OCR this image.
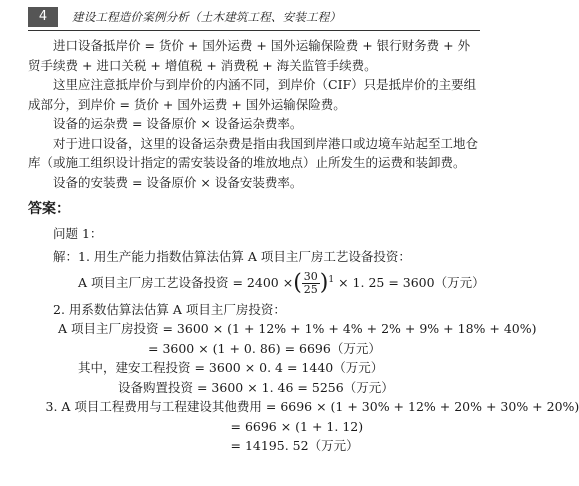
4	建设工程造价案例分析（土木建筑工程、安装工程）

进口设备抵岸价 = 货价 + 国外运费 + 国外运输保险费 + 银行财务费 + 外贸手续费 + 进口关税 + 增值税 + 消费税 + 海关监管手续费。

这里应注意抵岸价与到岸价的内涵不同，到岸价（CIF）只是抵岸价的主要组成部分，到岸价 = 货价 + 国外运费 + 国外运输保险费。

设备的运杂费 = 设备原价 × 设备运杂费率。

对于进口设备，这里的设备运杂费是指由我国到岸港口或边境车站起至工地仓库（或施工组织设计指定的需安装设备的堆放地点）止所发生的运费和装卸费。

设备的安装费 = 设备原价 × 设备安装费率。

答案：

问题 1：

解：1. 用生产能力指数估算法估算 A 项目主厂房工艺设备投资：

A 项目主厂房工艺设备投资 = 2400 ×( $\frac{30}{25} )^1 \times 1$. 25 = 3600（万元）

2. 用系数估算法估算 A 项目主厂房投资：

A 项目主厂房投资 = 3600 × (1 + 12% + 1% + 4% + 2% + 9% + 18% + 40%)
= 3600 × (1 + 0. 86) = 6696（万元）
其中，建安工程投资 = 3600 × 0. 4 = 1440（万元）
设备购置投资 = 3600 × 1. 46 = 5256（万元）
3. A 项目工程费用与工程建设其他费用 = 6696 × (1 + 30% + 12% + 20% + 30% + 20%)
= 6696 × (1 + 1. 12)
= 14195. 52（万元）
